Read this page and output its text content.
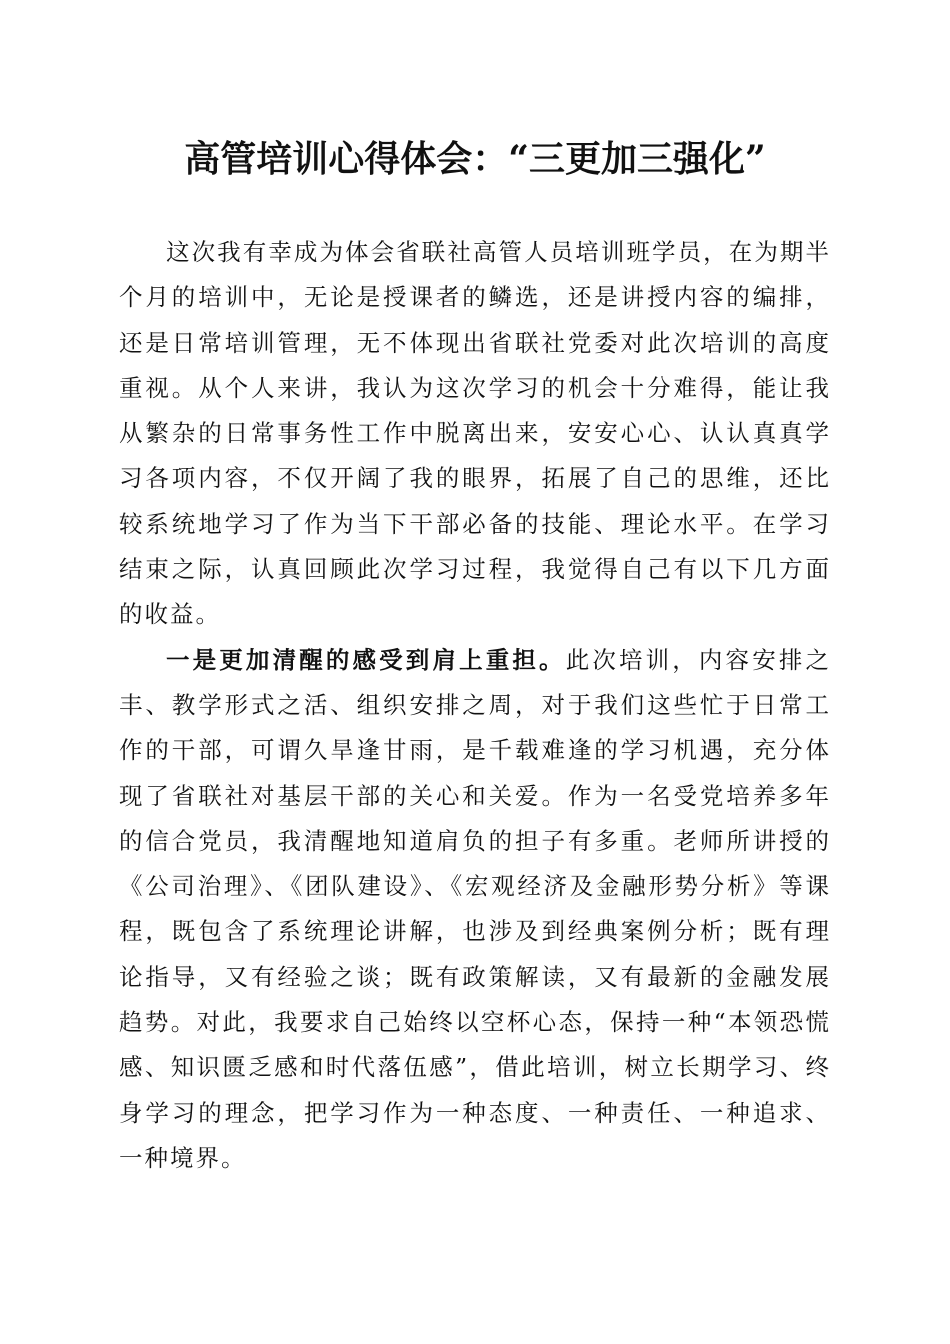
高管培训心得体会：“三更加三强化”

这次我有幸成为体会省联社高管人员培训班学员，在为期半个月的培训中，无论是授课者的鳞选，还是讲授内容的编排，还是日常培训管理，无不体现出省联社党委对此次培训的高度重视。从个人来讲，我认为这次学习的机会十分难得，能让我从繁杂的日常事务性工作中脱离出来，安安心心、认认真真学习各项内容，不仅开阔了我的眼界，拓展了自己的思维，还比较系统地学习了作为当下干部必备的技能、理论水平。在学习结束之际，认真回顾此次学习过程，我觉得自己有以下几方面的收益。

一是更加清醒的感受到肩上重担。此次培训，内容安排之丰、教学形式之活、组织安排之周，对于我们这些忙于日常工作的干部，可谓久旱逢甘雨，是千载难逢的学习机遇，充分体现了省联社对基层干部的关心和关爱。作为一名受党培养多年的信合党员，我清醒地知道肩负的担子有多重。老师所讲授的《公司治理》、《团队建设》、《宏观经济及金融形势分析》等课程，既包含了系统理论讲解，也涉及到经典案例分析；既有理论指导，又有经验之谈；既有政策解读，又有最新的金融发展趋势。对此，我要求自己始终以空杯心态，保持一种“本领恐慌感、知识匮乏感和时代落伍感”，借此培训，树立长期学习、终身学习的理念，把学习作为一种态度、一种责任、一种追求、一种境界。
